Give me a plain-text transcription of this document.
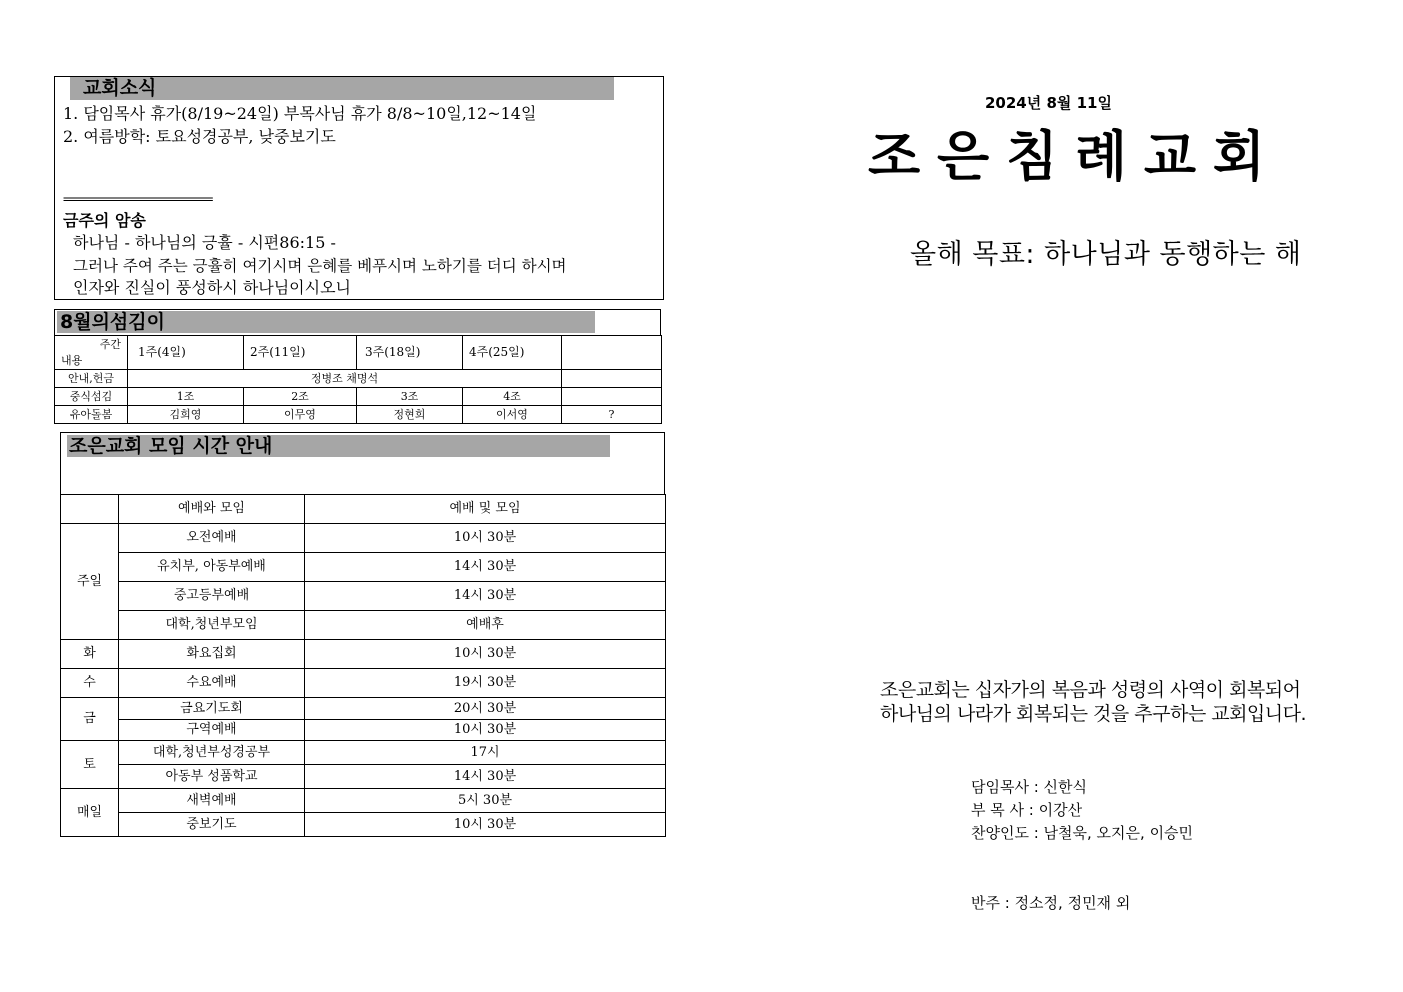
교회소식
1. 담임목사 휴가(8/19~24일) 부목사님 휴가 8/8~10일,12~14일
2. 여름방학: 토요성경공부, 낮중보기도
==========================
금주의 암송
하나님 - 하나님의 긍휼 - 시편86:15 -
그러나 주여 주는 긍휼히 여기시며 은혜를 베푸시며 노하기를 더디 하시며
인자와 진실이 풍성하시 하나님이시오니
8월의섬김이
주간
내용	1주(4일)	2주(11일)	3주(18일)	4주(25일)	
안내,헌금	정병조 채명석				
중식섬김	1조	2조	3조	4조	
유아돌봄	김희영	이무영	정현희	이서영	?
조은교회 모임 시간 안내
	예배와 모임	예배 및 모임
주일	오전예배	10시 30분
	유치부, 아동부예배	14시 30분
	중고등부예배	14시 30분
	대학,청년부모임	예배후
화	화요집회	10시 30분
수	수요예배	19시 30분
금	금요기도회	20시 30분
	구역예배	10시 30분
토	대학,청년부성경공부	17시
	아동부 성품학교	14시 30분
매일	새벽예배	5시 30분
	중보기도	10시 30분
2024년 8월 11일
조 은 침 례 교 회
올해 목표: 하나님과 동행하는 해
조은교회는 십자가의 복음과 성령의 사역이 회복되어
하나님의 나라가 회복되는 것을 추구하는 교회입니다.
담임목사 : 신한식
부 목 사 : 이강산
찬양인도 : 남철욱, 오지은, 이승민
반주 : 정소정, 정민재 외
